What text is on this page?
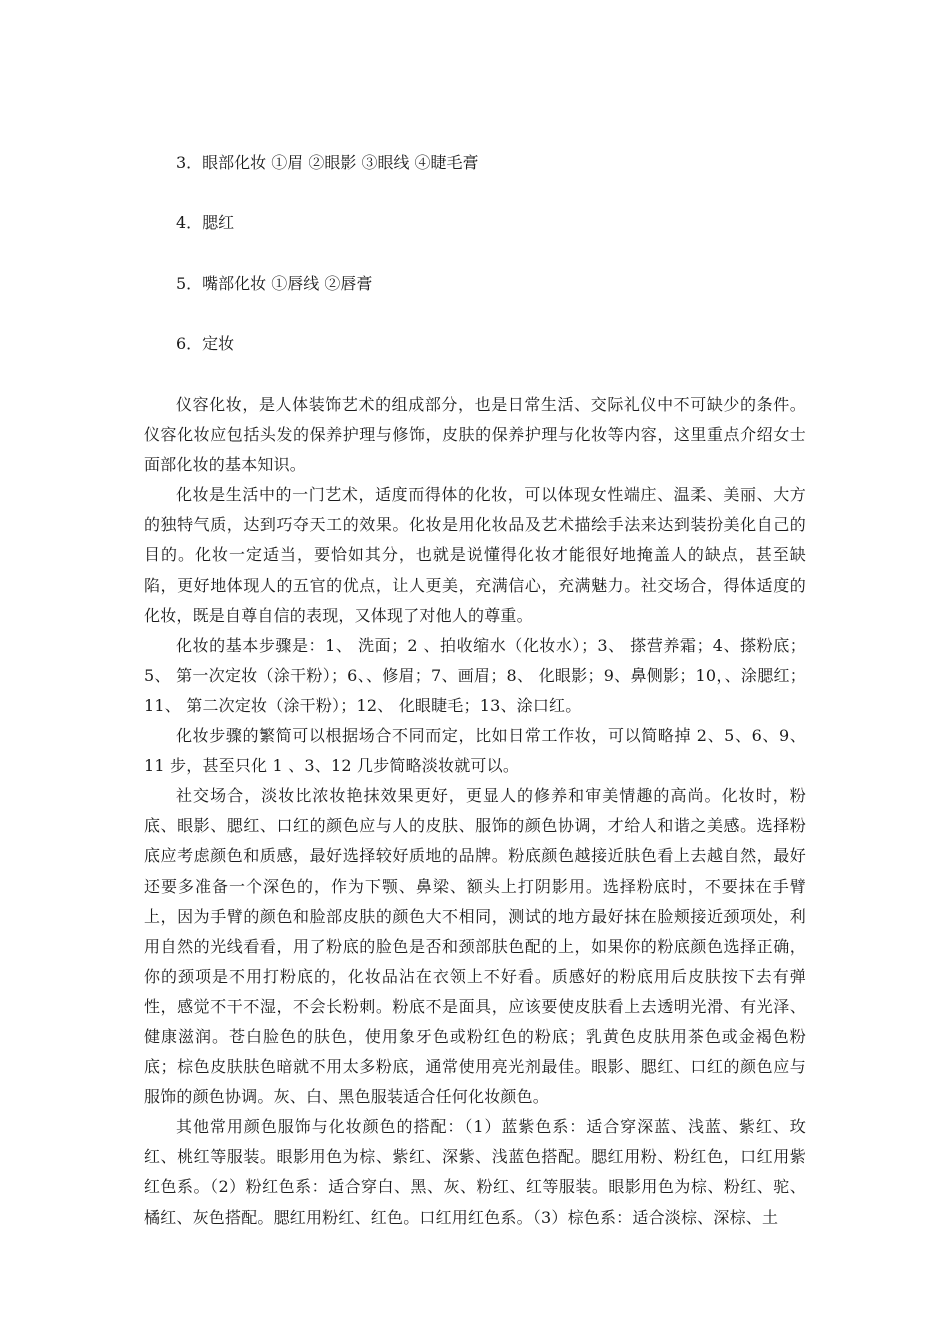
3．眼部化妆 ①眉 ②眼影 ③眼线 ④睫毛膏

4．腮红

5．嘴部化妆 ①唇线 ②唇膏

6．定妆

仪容化妆，是人体装饰艺术的组成部分，也是日常生活、交际礼仪中不可缺少的条件。仪容化妆应包括头发的保养护理与修饰，皮肤的保养护理与化妆等内容，这里重点介绍女士面部化妆的基本知识。

化妆是生活中的一门艺术，适度而得体的化妆，可以体现女性端庄、温柔、美丽、大方的独特气质，达到巧夺天工的效果。化妆是用化妆品及艺术描绘手法来达到装扮美化自己的目的。化妆一定适当，要恰如其分，也就是说懂得化妆才能很好地掩盖人的缺点，甚至缺陷，更好地体现人的五官的优点，让人更美，充满信心，充满魅力。社交场合，得体适度的化妆，既是自尊自信的表现，又体现了对他人的尊重。

化妆的基本步骤是：1、 洗面；2 、拍收缩水（化妆水）；3、 搽营养霜；4、搽粉底；5、 第一次定妆（涂干粉）；6、、修眉；7、画眉；8、 化眼影；9、鼻侧影；10，、涂腮红；11、 第二次定妆（涂干粉）；12、 化眼睫毛；13、涂口红。

化妆步骤的繁简可以根据场合不同而定，比如日常工作妆，可以简略掉 2、5、6、9、11 步，甚至只化 1 、3、12 几步简略淡妆就可以。

社交场合，淡妆比浓妆艳抹效果更好，更显人的修养和审美情趣的高尚。化妆时，粉底、眼影、腮红、口红的颜色应与人的皮肤、服饰的颜色协调，才给人和谐之美感。选择粉底应考虑颜色和质感，最好选择较好质地的品牌。粉底颜色越接近肤色看上去越自然，最好还要多准备一个深色的，作为下颚、鼻梁、额头上打阴影用。选择粉底时，不要抹在手臂上，因为手臂的颜色和脸部皮肤的颜色大不相同，测试的地方最好抹在脸颊接近颈项处，利用自然的光线看看，用了粉底的脸色是否和颈部肤色配的上，如果你的粉底颜色选择正确，你的颈项是不用打粉底的，化妆品沾在衣领上不好看。质感好的粉底用后皮肤按下去有弹性，感觉不干不湿，不会长粉刺。粉底不是面具，应该要使皮肤看上去透明光滑、有光泽、健康滋润。苍白脸色的肤色，使用象牙色或粉红色的粉底；乳黄色皮肤用茶色或金褐色粉底；棕色皮肤肤色暗就不用太多粉底，通常使用亮光剂最佳。眼影、腮红、口红的颜色应与服饰的颜色协调。灰、白、黑色服装适合任何化妆颜色。

其他常用颜色服饰与化妆颜色的搭配：（1）蓝紫色系：适合穿深蓝、浅蓝、紫红、玫红、桃红等服装。眼影用色为棕、紫红、深紫、浅蓝色搭配。腮红用粉、粉红色，口红用紫红色系。（2）粉红色系：适合穿白、黑、灰、粉红、红等服装。眼影用色为棕、粉红、驼、橘红、灰色搭配。腮红用粉红、红色。口红用红色系。（3）棕色系：适合淡棕、深棕、土
